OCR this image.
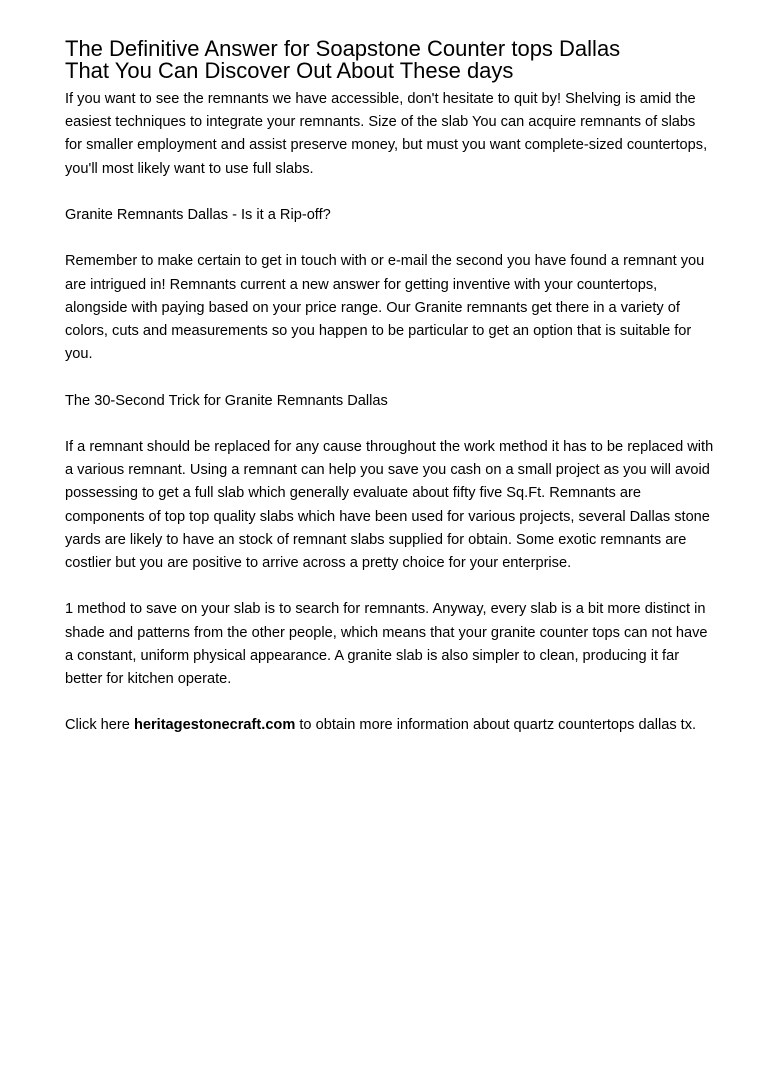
The Definitive Answer for Soapstone Counter tops Dallas
That You Can Discover Out About These days

If you want to see the remnants we have accessible, don't hesitate to quit by! Shelving is amid the easiest techniques to integrate your remnants. Size of the slab You can acquire remnants of slabs for smaller employment and assist preserve money, but must you want complete-sized countertops, you'll most likely want to use full slabs.

Granite Remnants Dallas - Is it a Rip-off?

Remember to make certain to get in touch with or e-mail the second you have found a remnant you are intrigued in! Remnants current a new answer for getting inventive with your countertops, alongside with paying based on your price range. Our Granite remnants get there in a variety of colors, cuts and measurements so you happen to be particular to get an option that is suitable for you.

The 30-Second Trick for Granite Remnants Dallas

If a remnant should be replaced for any cause throughout the work method it has to be replaced with a various remnant. Using a remnant can help you save you cash on a small project as you will avoid possessing to get a full slab which generally evaluate about fifty five Sq.Ft. Remnants are components of top top quality slabs which have been used for various projects, several Dallas stone yards are likely to have an stock of remnant slabs supplied for obtain. Some exotic remnants are costlier but you are positive to arrive across a pretty choice for your enterprise.

1 method to save on your slab is to search for remnants. Anyway, every slab is a bit more distinct in shade and patterns from the other people, which means that your granite counter tops can not have a constant, uniform physical appearance. A granite slab is also simpler to clean, producing it far better for kitchen operate.

Click here heritagestonecraft.com to obtain more information about quartz countertops dallas tx.
